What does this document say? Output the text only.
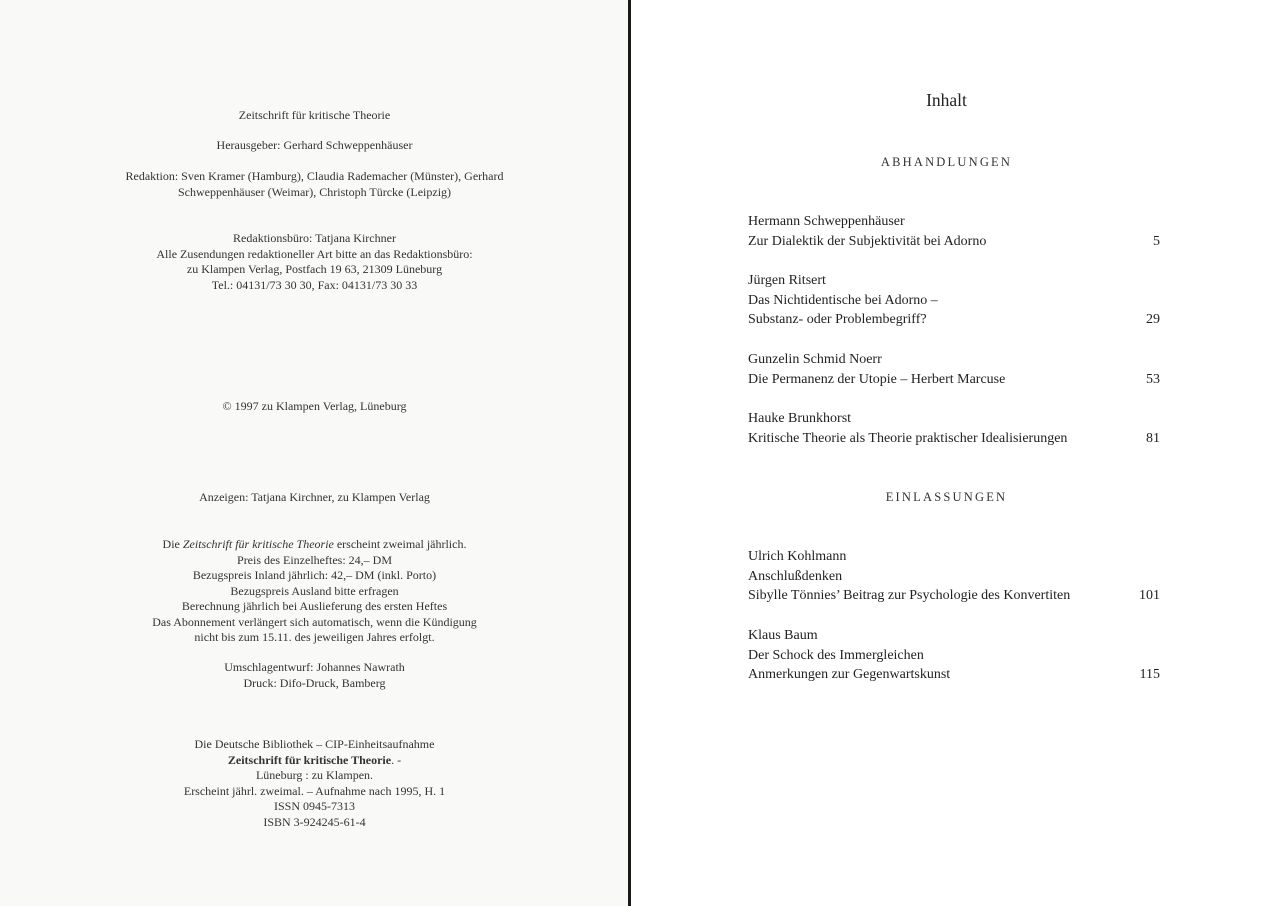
Zeitschrift für kritische Theorie
Herausgeber: Gerhard Schweppenhäuser
Redaktion: Sven Kramer (Hamburg), Claudia Rademacher (Münster), Gerhard
Schweppenhäuser (Weimar), Christoph Türcke (Leipzig)
Redaktionsbüro: Tatjana Kirchner
Alle Zusendungen redaktioneller Art bitte an das Redaktionsbüro:
zu Klampen Verlag, Postfach 19 63, 21309 Lüneburg
Tel.: 04131/73 30 30, Fax: 04131/73 30 33
© 1997 zu Klampen Verlag, Lüneburg
Anzeigen: Tatjana Kirchner, zu Klampen Verlag
Die Zeitschrift für kritische Theorie erscheint zweimal jährlich.
Preis des Einzelheftes: 24,– DM
Bezugspreis Inland jährlich: 42,– DM (inkl. Porto)
Bezugspreis Ausland bitte erfragen
Berechnung jährlich bei Auslieferung des ersten Heftes
Das Abonnement verlängert sich automatisch, wenn die Kündigung
nicht bis zum 15.11. des jeweiligen Jahres erfolgt.
Umschlagentwurf: Johannes Nawrath
Druck: Difo-Druck, Bamberg
Die Deutsche Bibliothek – CIP-Einheitsaufnahme
Zeitschrift für kritische Theorie. -
Lüneburg : zu Klampen.
Erscheint jährl. zweimal. – Aufnahme nach 1995, H. 1
ISSN 0945-7313
ISBN 3-924245-61-4
Inhalt
ABHANDLUNGEN
Hermann Schweppenhäuser
Zur Dialektik der Subjektivität bei Adorno	5
Jürgen Ritsert
Das Nichtidentische bei Adorno –
Substanz- oder Problembegriff?	29
Gunzelin Schmid Noerr
Die Permanenz der Utopie – Herbert Marcuse	53
Hauke Brunkhorst
Kritische Theorie als Theorie praktischer Idealisierungen	81
EINLASSUNGEN
Ulrich Kohlmann
Anschlußdenken
Sibylle Tönnies’ Beitrag zur Psychologie des Konvertiten	101
Klaus Baum
Der Schock des Immergleichen
Anmerkungen zur Gegenwartskunst	115
